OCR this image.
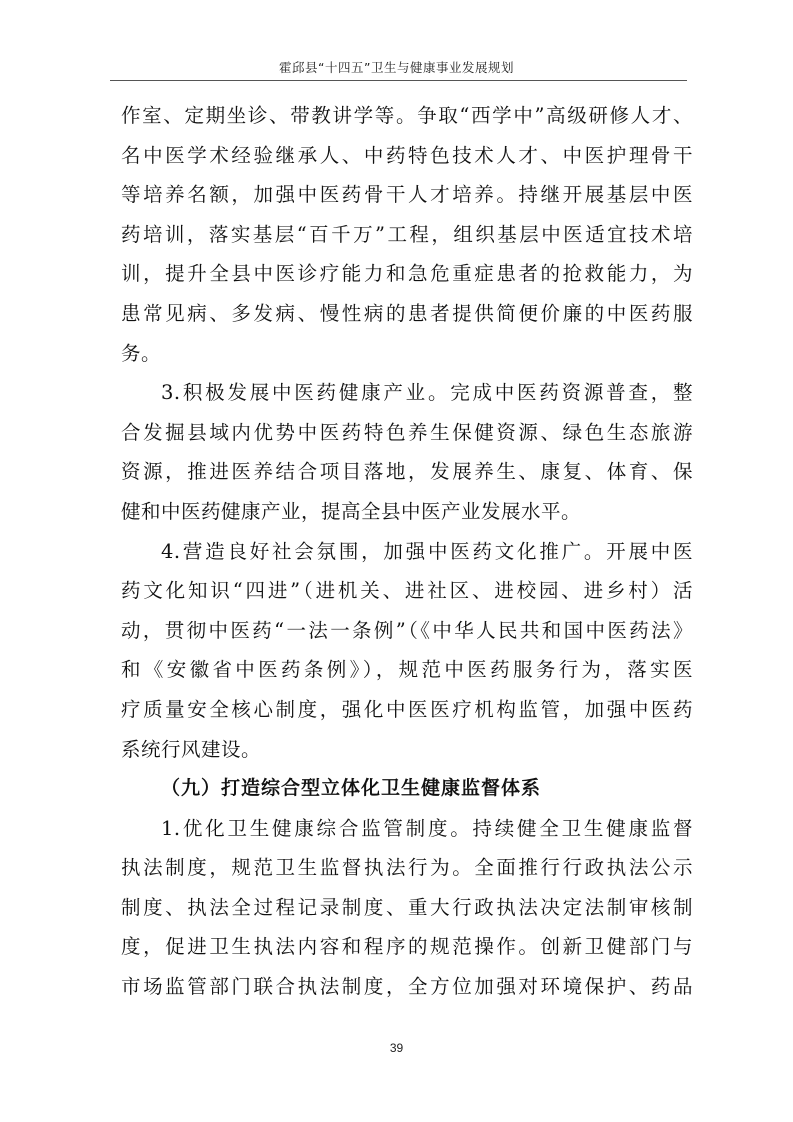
霍邱县“十四五”卫生与健康事业发展规划
作室、定期坐诊、带教讲学等。争取“西学中”高级研修人才、
名中医学术经验继承人、中药特色技术人才、中医护理骨干
等培养名额，加强中医药骨干人才培养。持继开展基层中医
药培训，落实基层“百千万”工程，组织基层中医适宜技术培
训，提升全县中医诊疗能力和急危重症患者的抢救能力，为
患常见病、多发病、慢性病的患者提供简便价廉的中医药服
务。
3.积极发展中医药健康产业。完成中医药资源普查，整
合发掘县域内优势中医药特色养生保健资源、绿色生态旅游
资源，推进医养结合项目落地，发展养生、康复、体育、保
健和中医药健康产业，提高全县中医产业发展水平。
4.营造良好社会氛围，加强中医药文化推广。开展中医
药文化知识“四进”（进机关、进社区、进校园、进乡村）活
动，贯彻中医药“一法一条例”（《中华人民共和国中医药法》
和《安徽省中医药条例》），规范中医药服务行为，落实医
疗质量安全核心制度，强化中医医疗机构监管，加强中医药
系统行风建设。
（九）打造综合型立体化卫生健康监督体系
1.优化卫生健康综合监管制度。持续健全卫生健康监督
执法制度，规范卫生监督执法行为。全面推行行政执法公示
制度、执法全过程记录制度、重大行政执法决定法制审核制
度，促进卫生执法内容和程序的规范操作。创新卫健部门与
市场监管部门联合执法制度，全方位加强对环境保护、药品
39
